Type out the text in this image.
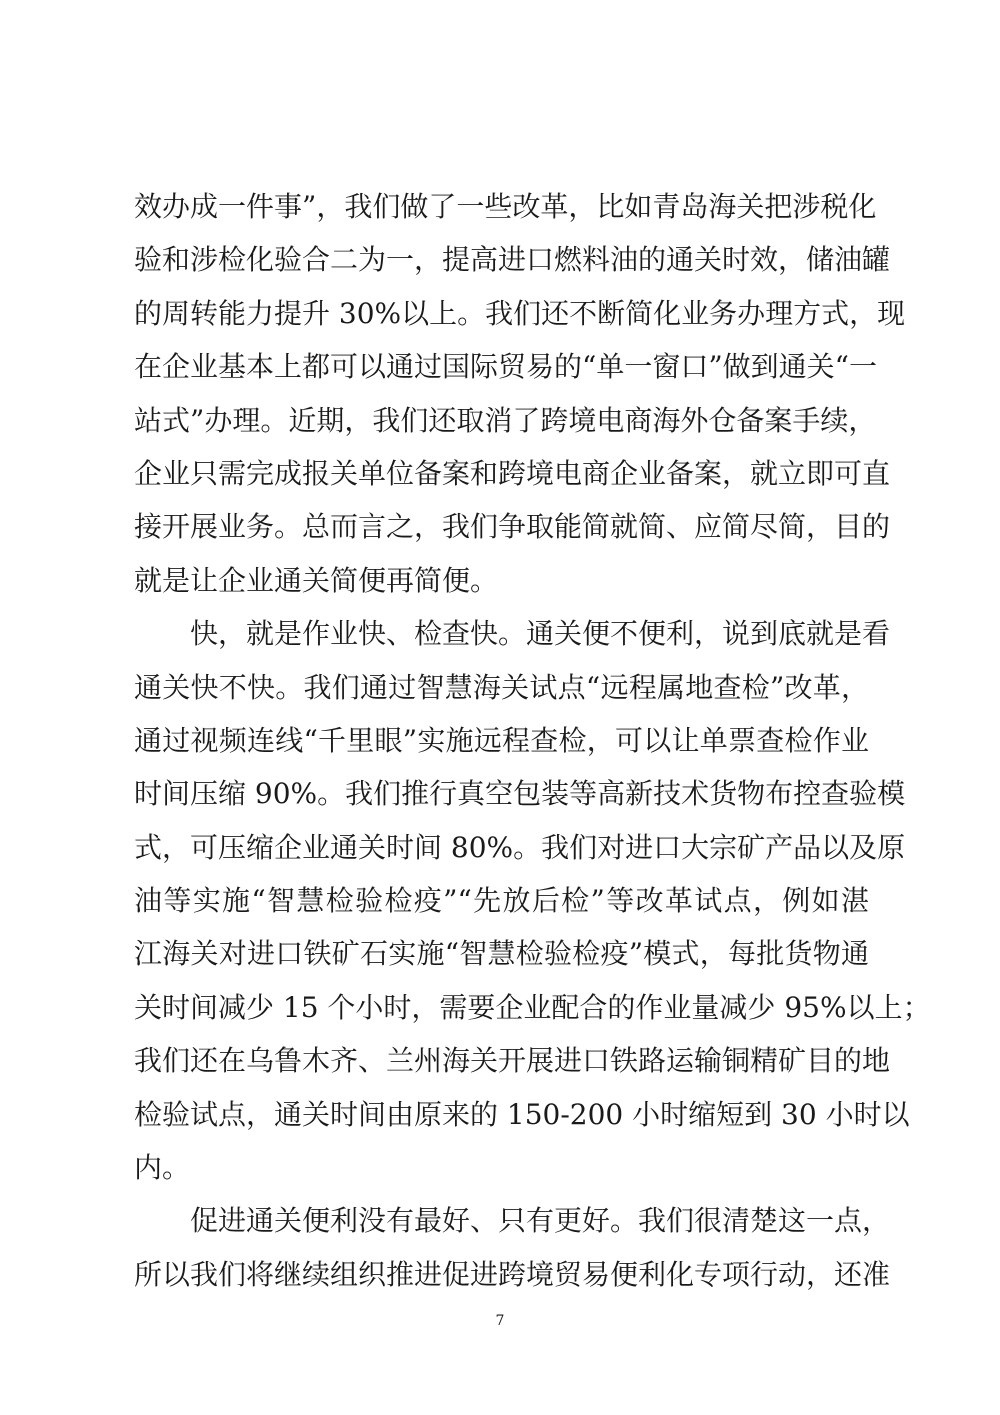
效办成一件事”，我们做了一些改革，比如青岛海关把涉税化
验和涉检化验合二为一，提高进口燃料油的通关时效，储油罐
的周转能力提升 30%以上。我们还不断简化业务办理方式，现
在企业基本上都可以通过国际贸易的“单一窗口”做到通关“一
站式”办理。近期，我们还取消了跨境电商海外仓备案手续，
企业只需完成报关单位备案和跨境电商企业备案，就立即可直
接开展业务。总而言之，我们争取能简就简、应简尽简，目的
就是让企业通关简便再简便。
快，就是作业快、检查快。通关便不便利，说到底就是看
通关快不快。我们通过智慧海关试点“远程属地查检”改革，
通过视频连线“千里眼”实施远程查检，可以让单票查检作业
时间压缩 90%。我们推行真空包装等高新技术货物布控查验模
式，可压缩企业通关时间 80%。我们对进口大宗矿产品以及原
油等实施“智慧检验检疫”“先放后检”等改革试点，例如湛
江海关对进口铁矿石实施“智慧检验检疫”模式，每批货物通
关时间减少 15 个小时，需要企业配合的作业量减少 95%以上；
我们还在乌鲁木齐、兰州海关开展进口铁路运输铜精矿目的地
检验试点，通关时间由原来的 150-200 小时缩短到 30 小时以
内。
促进通关便利没有最好、只有更好。我们很清楚这一点，
所以我们将继续组织推进促进跨境贸易便利化专项行动，还准
7
